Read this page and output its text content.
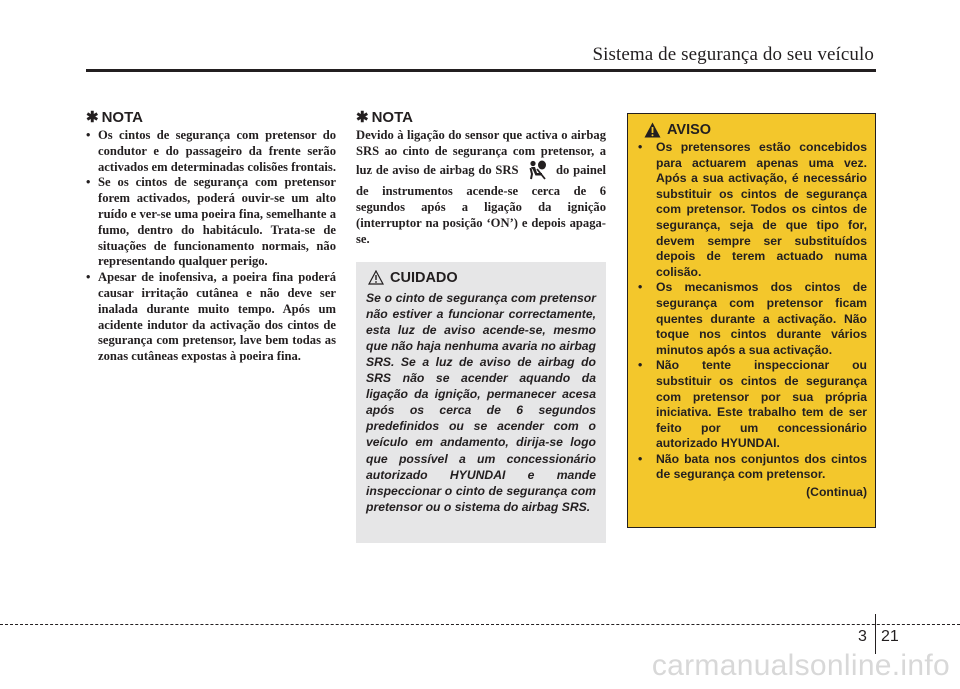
Sistema de segurança do seu veículo
✱ NOTA
• Os cintos de segurança com pretensor do condutor e do passageiro da frente serão activados em determinadas colisões frontais.
• Se os cintos de segurança com pretensor forem activados, poderá ouvir-se um alto ruído e ver-se uma poeira fina, semelhante a fumo, dentro do habitáculo. Trata-se de situações de funcionamento normais, não representando qualquer perigo.
• Apesar de inofensiva, a poeira fina poderá causar irritação cutânea e não deve ser inalada durante muito tempo. Após um acidente indutor da activação dos cintos de segurança com pretensor, lave bem todas as zonas cutâneas expostas à poeira fina.
✱ NOTA

Devido à ligação do sensor que activa o airbag SRS ao cinto de segurança com pretensor, a luz de aviso de airbag do SRS	do painel de instrumentos acende-se cerca de 6 segundos após a ligação da ignição (interruptor na posição ‘ON’) e depois apaga-se.

CUIDADO

Se o cinto de segurança com pretensor não estiver a funcionar correctamente, esta luz de aviso acende-se, mesmo que não haja nenhuma avaria no airbag SRS. Se a luz de aviso de airbag do SRS não se acender aquando da ligação da ignição, permanecer acesa após os cerca de 6 segundos predefinidos ou se acender com o veículo em andamento, dirija-se logo que possível a um concessionário autorizado HYUNDAI e mande inspeccionar o cinto de segurança com pretensor ou o sistema do airbag SRS.

AVISO
• Os pretensores estão concebidos para actuarem apenas uma vez. Após a sua activação, é necessário substituir os cintos de segurança com pretensor. Todos os cintos de segurança, seja de que tipo for, devem sempre ser substituídos depois de terem actuado numa colisão.
• Os mecanismos dos cintos de segurança com pretensor ficam quentes durante a activação. Não toque nos cintos durante vários minutos após a sua activação.
• Não tente inspeccionar ou substituir os cintos de segurança com pretensor por sua própria iniciativa. Este trabalho tem de ser feito por um concessionário autorizado HYUNDAI.
• Não bata nos conjuntos dos cintos de segurança com pretensor.
(Continua)
3 21
carmanualsonline.info
